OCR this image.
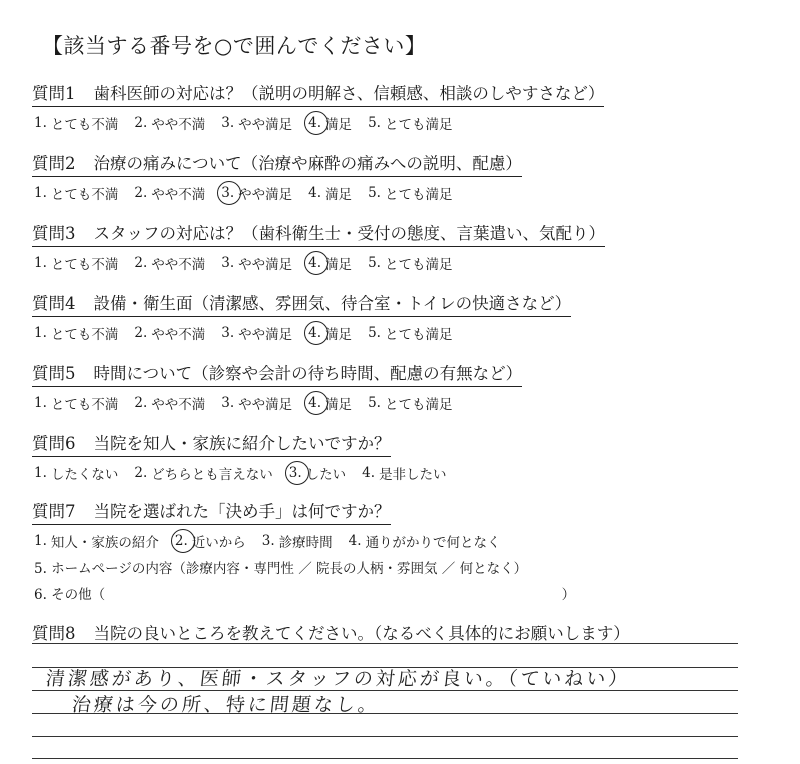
【該当する番号を○で囲んでください】
質問1 歯科医師の対応は？（説明の明解さ、信頼感、相談のしやすさなど）
1. とても不満 2. やや不満 3. やや満足 4. 満足 5. とても満足
質問2 治療の痛みについて（治療や麻酔の痛みへの説明、配慮）
1. とても不満 2. やや不満 3. やや満足 4. 満足 5. とても満足
質問3 スタッフの対応は？（歯科衛生士・受付の態度、言葉遣い、気配り）
1. とても不満 2. やや不満 3. やや満足 4. 満足 5. とても満足
質問4 設備・衛生面（清潔感、雰囲気、待合室・トイレの快適さなど）
1. とても不満 2. やや不満 3. やや満足 4. 満足 5. とても満足
質問5 時間について（診察や会計の待ち時間、配慮の有無など）
1. とても不満 2. やや不満 3. やや満足 4. 満足 5. とても満足
質問6 当院を知人・家族に紹介したいですか？
1. したくない 2. どちらとも言えない 3. したい 4. 是非したい
質問7 当院を選ばれた「決め手」は何ですか？
1. 知人・家族の紹介 2. 近いから 3. 診療時間 4. 通りがかりで何となく
5. ホームページの内容（診療内容・専門性 ／ 院長の人柄・雰囲気 ／ 何となく）
6. その他（	）
質問8 当院の良いところを教えてください。（なるべく具体的にお願いします）
清潔感があり、医師・スタッフの対応が良い。（ていねい）
治療は今の所、特に問題なし。
